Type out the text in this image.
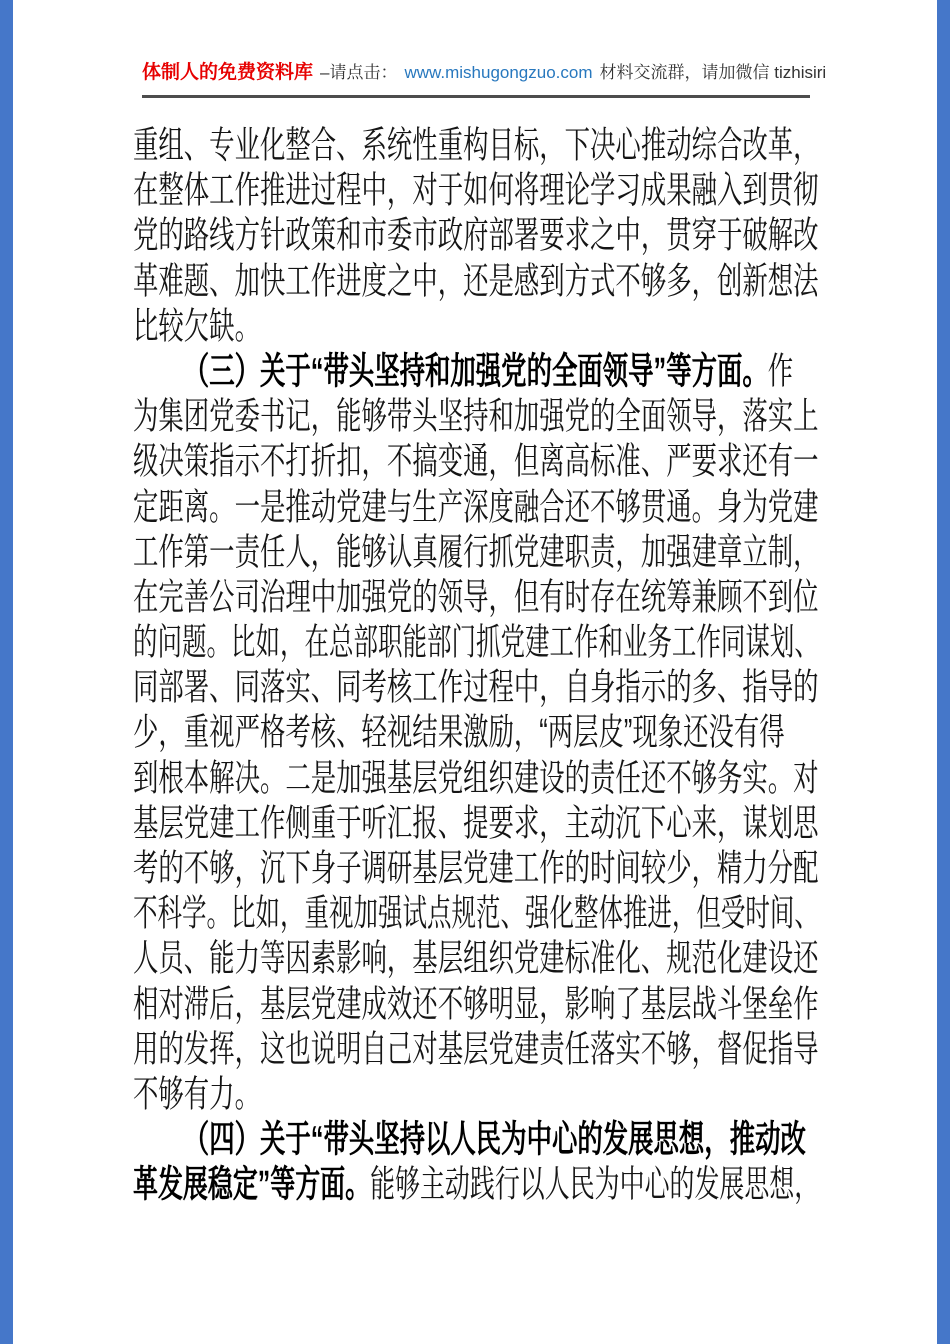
体制人的免费资料库 –请点击： www.mishugongzuo.com 材料交流群，请加微信 tizhisiri
重组、专业化整合、系统性重构目标，下决心推动综合改革，
在整体工作推进过程中，对于如何将理论学习成果融入到贯彻
党的路线方针政策和市委市政府部署要求之中，贯穿于破解改
革难题、加快工作进度之中，还是感到方式不够多，创新想法
比较欠缺。
（三）关于“带头坚持和加强党的全面领导”等方面。作
为集团党委书记，能够带头坚持和加强党的全面领导，落实上
级决策指示不打折扣，不搞变通，但离高标准、严要求还有一
定距离。一是推动党建与生产深度融合还不够贯通。身为党建
工作第一责任人，能够认真履行抓党建职责，加强建章立制，
在完善公司治理中加强党的领导，但有时存在统筹兼顾不到位
的问题。比如，在总部职能部门抓党建工作和业务工作同谋划、
同部署、同落实、同考核工作过程中，自身指示的多、指导的
少，重视严格考核、轻视结果激励，“两层皮”现象还没有得
到根本解决。二是加强基层党组织建设的责任还不够务实。对
基层党建工作侧重于听汇报、提要求，主动沉下心来，谋划思
考的不够，沉下身子调研基层党建工作的时间较少，精力分配
不科学。比如，重视加强试点规范、强化整体推进，但受时间、
人员、能力等因素影响，基层组织党建标准化、规范化建设还
相对滞后，基层党建成效还不够明显，影响了基层战斗堡垒作
用的发挥，这也说明自己对基层党建责任落实不够，督促指导
不够有力。
（四）关于“带头坚持以人民为中心的发展思想，推动改
革发展稳定”等方面。能够主动践行以人民为中心的发展思想，
